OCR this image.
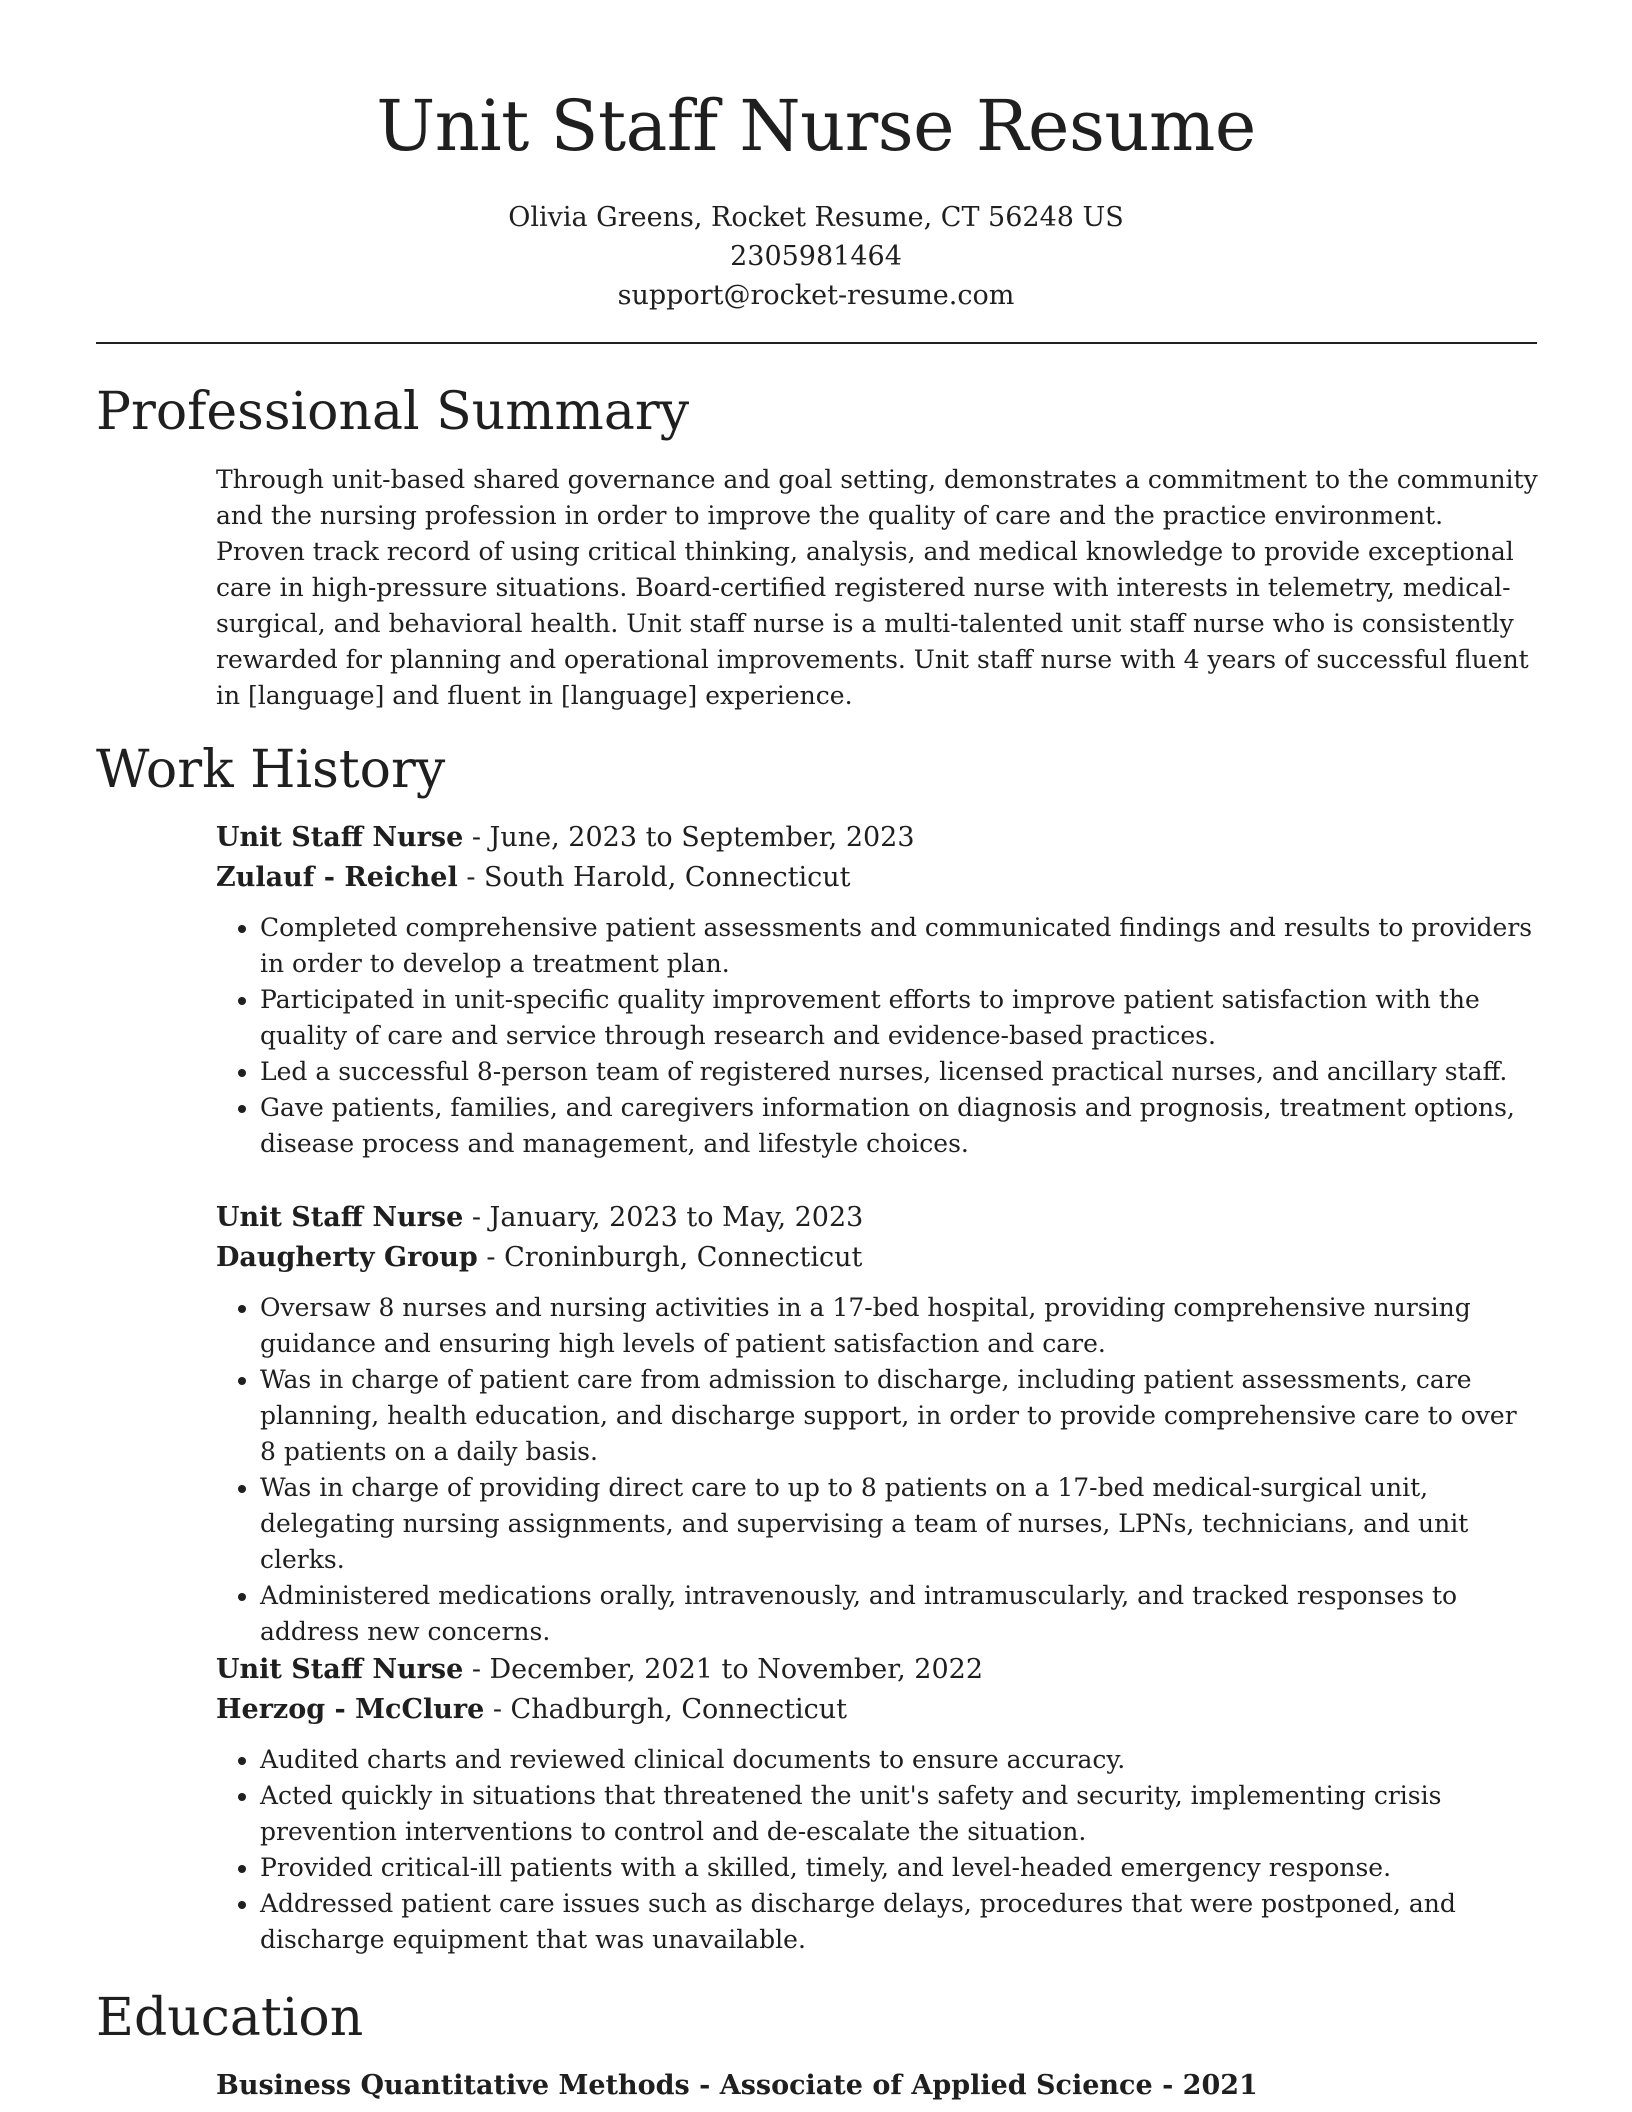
Unit Staff Nurse Resume
Olivia Greens, Rocket Resume, CT 56248 US
2305981464
support@rocket-resume.com
Professional Summary

Through unit-based shared governance and goal setting, demonstrates a commitment to the community and the nursing profession in order to improve the quality of care and the practice environment. Proven track record of using critical thinking, analysis, and medical knowledge to provide exceptional care in high-pressure situations. Board-certified registered nurse with interests in telemetry, medical-surgical, and behavioral health. Unit staff nurse is a multi-talented unit staff nurse who is consistently rewarded for planning and operational improvements. Unit staff nurse with 4 years of successful fluent in [language] and fluent in [language] experience.

Work History
Unit Staff Nurse - June, 2023 to September, 2023
Zulauf - Reichel - South Harold, Connecticut
• Completed comprehensive patient assessments and communicated findings and results to providers in order to develop a treatment plan.
• Participated in unit-specific quality improvement efforts to improve patient satisfaction with the quality of care and service through research and evidence-based practices.
• Led a successful 8-person team of registered nurses, licensed practical nurses, and ancillary staff.
• Gave patients, families, and caregivers information on diagnosis and prognosis, treatment options, disease process and management, and lifestyle choices.
Unit Staff Nurse - January, 2023 to May, 2023
Daugherty Group - Croninburgh, Connecticut
• Oversaw 8 nurses and nursing activities in a 17-bed hospital, providing comprehensive nursing guidance and ensuring high levels of patient satisfaction and care.
• Was in charge of patient care from admission to discharge, including patient assessments, care planning, health education, and discharge support, in order to provide comprehensive care to over 8 patients on a daily basis.
• Was in charge of providing direct care to up to 8 patients on a 17-bed medical-surgical unit, delegating nursing assignments, and supervising a team of nurses, LPNs, technicians, and unit clerks.
• Administered medications orally, intravenously, and intramuscularly, and tracked responses to address new concerns.
Unit Staff Nurse - December, 2021 to November, 2022
Herzog - McClure - Chadburgh, Connecticut
• Audited charts and reviewed clinical documents to ensure accuracy.
• Acted quickly in situations that threatened the unit's safety and security, implementing crisis prevention interventions to control and de-escalate the situation.
• Provided critical-ill patients with a skilled, timely, and level-headed emergency response.
• Addressed patient care issues such as discharge delays, procedures that were postponed, and discharge equipment that was unavailable.
Education
Business Quantitative Methods - Associate of Applied Science - 2021
